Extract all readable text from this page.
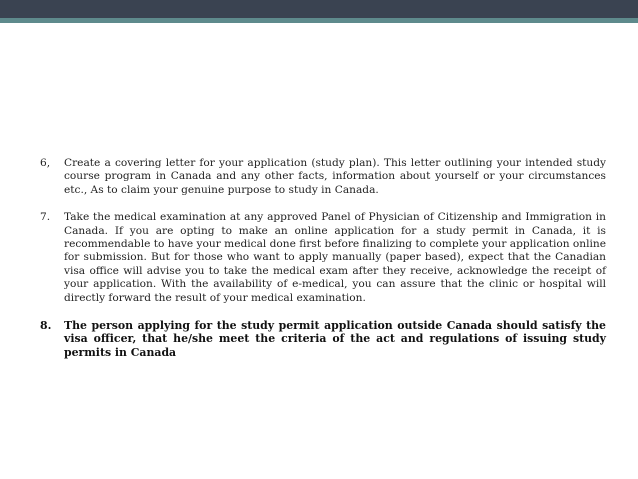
6, Create a covering letter for your application (study plan). This letter outlining your intended study course program in Canada and any other facts, information about yourself or your circumstances etc., As to claim your genuine purpose to study in Canada.
7. Take the medical examination at any approved Panel of Physician of Citizenship and Immigration in Canada. If you are opting to make an online application for a study permit in Canada, it is recommendable to have your medical done first before finalizing to complete your application online for submission. But for those who want to apply manually (paper based), expect that the Canadian visa office will advise you to take the medical exam after they receive, acknowledge the receipt of your application. With the availability of e-medical, you can assure that the clinic or hospital will directly forward the result of your medical examination.
8. The person applying for the study permit application outside Canada should satisfy the visa officer, that he/she meet the criteria of the act and regulations of issuing study permits in Canada
